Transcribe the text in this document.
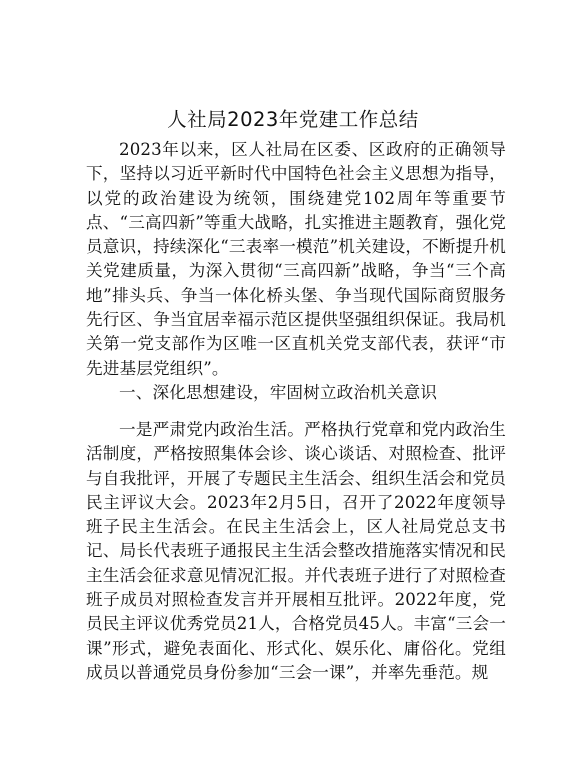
人社局2023年党建工作总结

2023年以来，区人社局在区委、区政府的正确领导下，坚持以习近平新时代中国特色社会主义思想为指导，以党的政治建设为统领，围绕建党102周年等重要节点、“三高四新”等重大战略，扎实推进主题教育，强化党员意识，持续深化“三表率一模范”机关建设，不断提升机关党建质量，为深入贯彻“三高四新”战略，争当“三个高地”排头兵、争当一体化桥头堡、争当现代国际商贸服务先行区、争当宜居幸福示范区提供坚强组织保证。我局机关第一党支部作为区唯一区直机关党支部代表，获评“市先进基层党组织”。

一、深化思想建设，牢固树立政治机关意识

一是严肃党内政治生活。严格执行党章和党内政治生活制度，严格按照集体会诊、谈心谈话、对照检查、批评与自我批评，开展了专题民主生活会、组织生活会和党员民主评议大会。2023年2月5日，召开了2022年度领导班子民主生活会。在民主生活会上，区人社局党总支书记、局长代表班子通报民主生活会整改措施落实情况和民主生活会征求意见情况汇报。并代表班子进行了对照检查班子成员对照检查发言并开展相互批评。2022年度，党员民主评议优秀党员21人，合格党员45人。丰富“三会一课”形式，避免表面化、形式化、娱乐化、庸俗化。党组成员以普通党员身份参加“三会一课”，并率先垂范。规
